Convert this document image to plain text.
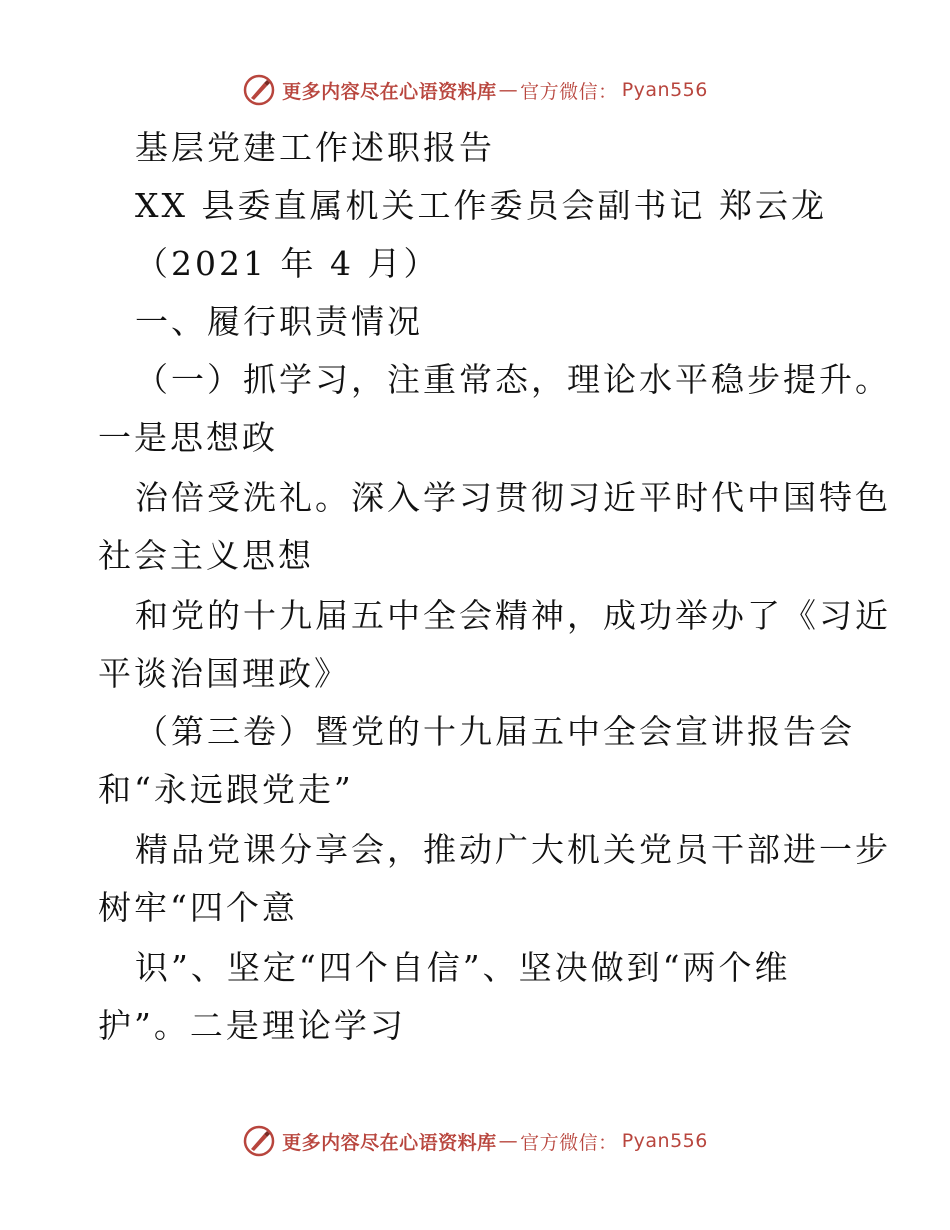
更多内容尽在心语资料库 — 官方微信： Pyan556
基层党建工作述职报告
XX 县委直属机关工作委员会副书记 郑云龙
（2021 年 4 月）
一、履行职责情况
（一）抓学习，注重常态，理论水平稳步提升。
一是思想政
治倍受洗礼。深入学习贯彻习近平时代中国特色
社会主义思想
和党的十九届五中全会精神，成功举办了《习近
平谈治国理政》
（第三卷）暨党的十九届五中全会宣讲报告会
和“永远跟党走”
精品党课分享会，推动广大机关党员干部进一步
树牢“四个意
识”、坚定“四个自信”、坚决做到“两个维
护”。二是理论学习
更多内容尽在心语资料库 — 官方微信： Pyan556
